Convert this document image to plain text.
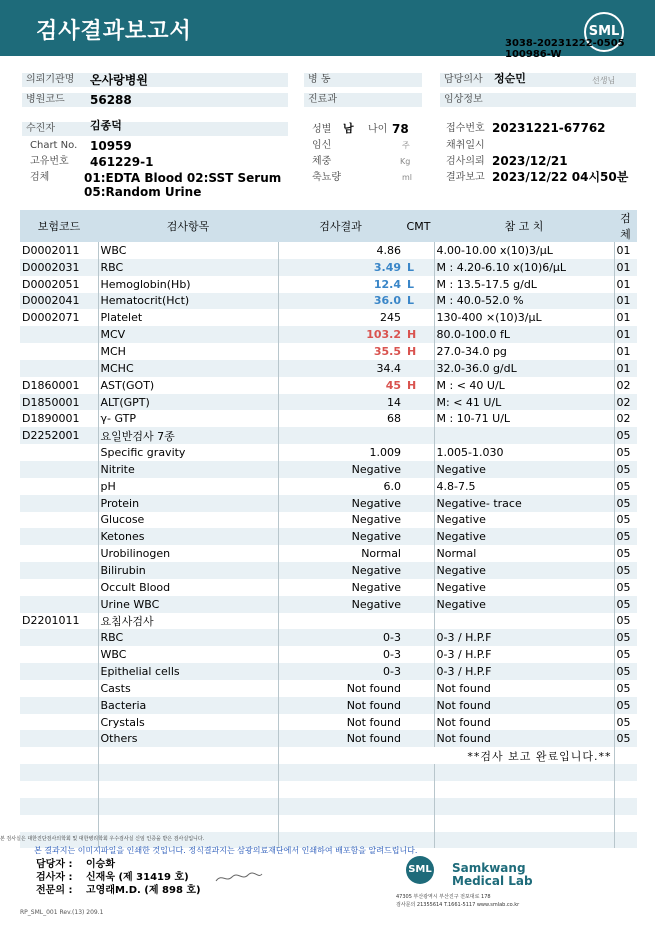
검사결과보고서	SML
3038-20231222-0505
100986-W
의뢰기관명	온사랑병원
병원코드	56288
병 동
진료과
담당의사	정순민	선생님
임상정보
수진자	김종덕
Chart No. 10959
고유번호 461229-1
검체	01:EDTA Blood 02:SST Serum
05:Random Urine
성별 남 나이 78
임신	주
체중	Kg
축뇨량	ml
접수번호 20231221-67762
채취일시
검사의뢰 2023/12/21
결과보고 2023/12/22 04시50분
보험코드	검사항목	검사결과	CMT	참 고 치	검체
D0002011	WBC	4.86		4.00-10.00 x(10)3/μL	01
D0002031	RBC	3.49	L	M : 4.20-6.10 x(10)6/μL	01
D0002051	Hemoglobin(Hb)	12.4	L	M : 13.5-17.5 g/dL	01
D0002041	Hematocrit(Hct)	36.0	L	M : 40.0-52.0 %	01
D0002071	Platelet	245		130-400 ×(10)3/μL	01
	MCV	103.2	H	80.0-100.0 fL	01
	MCH	35.5	H	27.0-34.0 pg	01
	MCHC	34.4		32.0-36.0 g/dL	01
D1860001	AST(GOT)	45	H	M : < 40 U/L	02
D1850001	ALT(GPT)	14		M: < 41 U/L	02
D1890001	γ- GTP	68		M : 10-71 U/L	02
D2252001	요일반검사 7종				05
	Specific gravity	1.009		1.005-1.030	05
	Nitrite	Negative		Negative	05
	pH	6.0		4.8-7.5	05
	Protein	Negative		Negative- trace	05
	Glucose	Negative		Negative	05
	Ketones	Negative		Negative	05
	Urobilinogen	Normal		Normal	05
	Bilirubin	Negative		Negative	05
	Occult Blood	Negative		Negative	05
	Urine WBC	Negative		Negative	05
D2201011	요침사검사				05
	RBC	0-3		0-3 / H.P.F	05
	WBC	0-3		0-3 / H.P.F	05
	Epithelial cells	0-3		0-3 / H.P.F	05
	Casts	Not found		Not found	05
	Bacteria	Not found		Not found	05
	Crystals	Not found		Not found	05
	Others	Not found		Not found	05
		**검사 보고 완료입니다.**			

본 검사실은 대한진단검사의학회 및 대한병리학회 우수검사실 신임 인증을 받은 검사실입니다.
본 결과지는 이미지파일을 인쇄한 것입니다. 정식결과지는 삼광의료재단에서 인쇄하여 배포함을 알려드립니다.
담당자 : 이승화
검사자 : 신재욱 (제 31419 호)
전문의 : 고영래M.D. (제 898 호)
RP_SML_001 Rev.(13) 209.1
SML Samkwang
Medical Lab
47305 부산광역시 부산진구 전포대로 178
검사문의 21355614 T.1661-5117 www.smlab.co.kr
